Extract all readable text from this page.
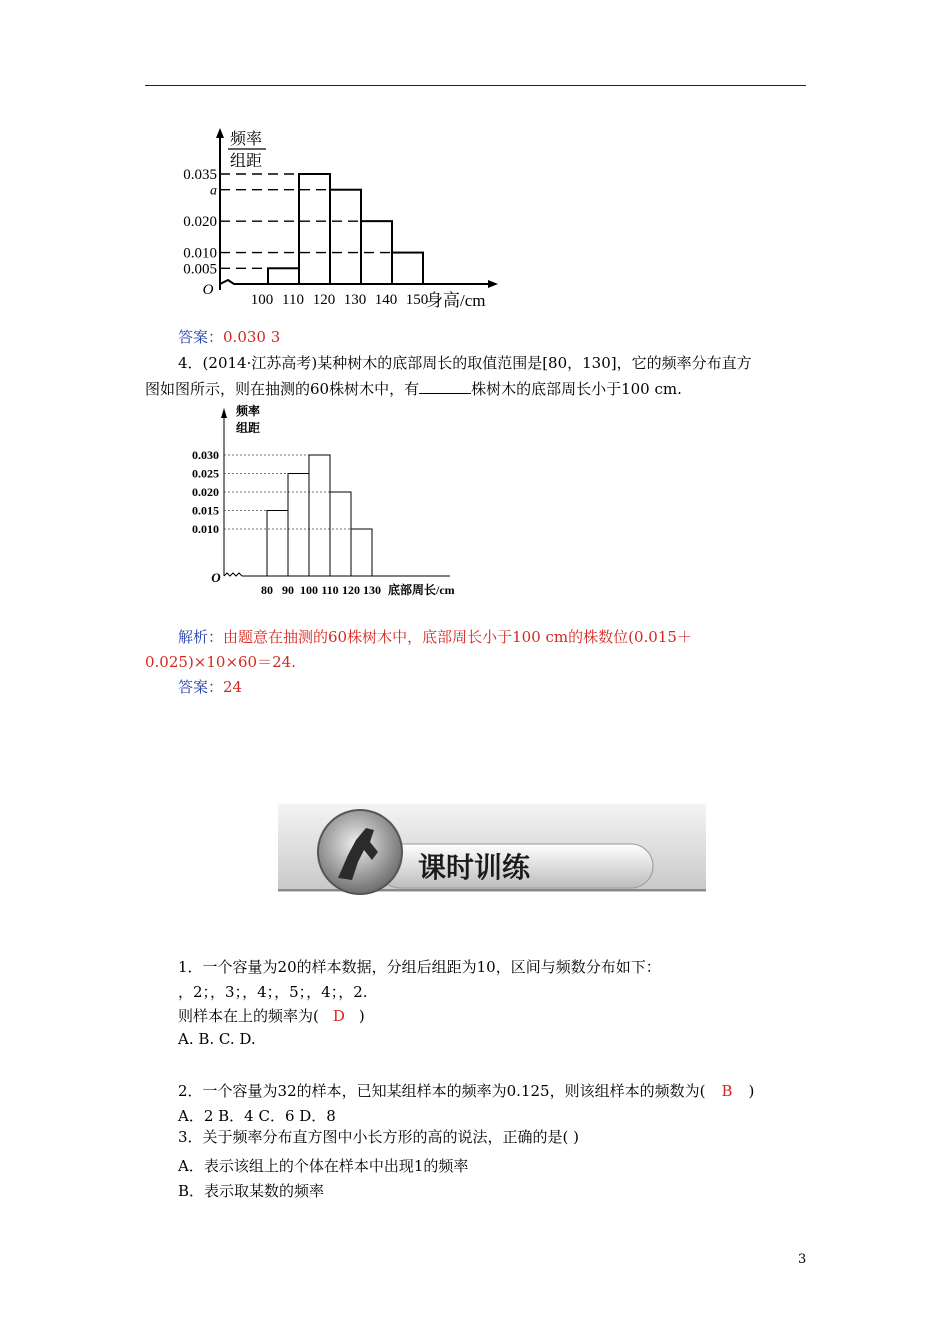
频率
组距
O
0.035
a
0.020
0.010
0.005
100 110 120 130 140 150
身高/cm
答案：0.030 3
4．(2014·江苏高考)某种树木的底部周长的取值范围是[80，130]，它的频率分布直方
图如图所示，则在抽测的60株树木中，有	株树木的底部周长小于100 cm.
频率
组距
O
0.030
0.025
0.020
0.015
0.010
80 90 100 110 120 130 底部周长/cm
解析：由题意在抽测的60株树木中，底部周长小于100 cm的株数位(0.015＋
0.025)×10×60＝24.
答案：24
课时训练
1．一个容量为20的样本数据，分组后组距为10，区间与频数分布如下：
，2；，3；，4；，5；，4；，2.
则样本在上的频率为( D )
A. B. C. D.
2．一个容量为32的样本，已知某组样本的频率为0.125，则该组样本的频数为( B )
A．2 B．4 C．6 D．8
3．关于频率分布直方图中小长方形的高的说法，正确的是( )
A．表示该组上的个体在样本中出现1的频率
B．表示取某数的频率
3
